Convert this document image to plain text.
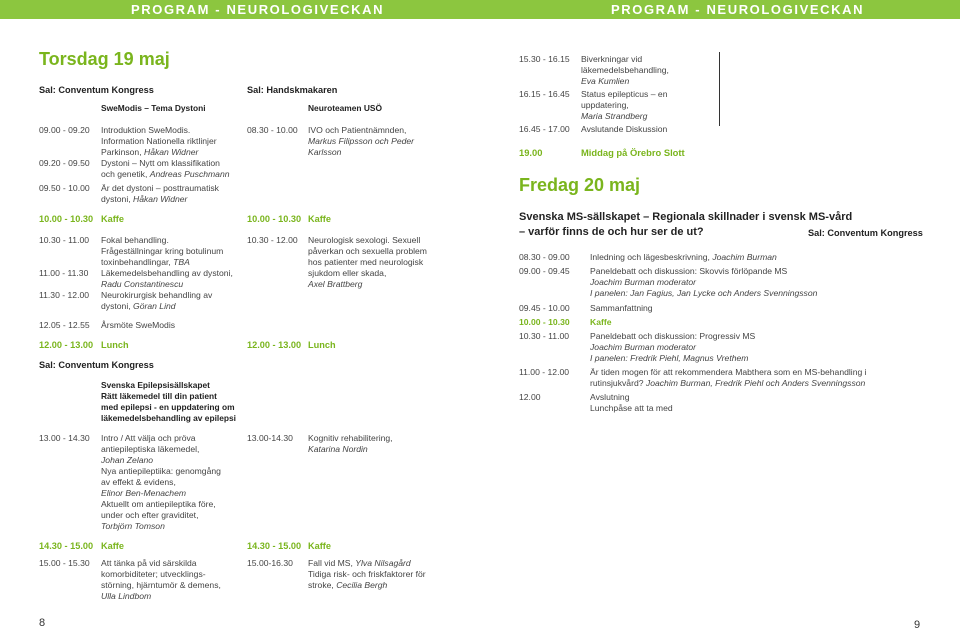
PROGRAM - NEUROLOGIVECKAN	PROGRAM - NEUROLOGIVECKAN
Torsdag 19 maj
Sal: Conventum Kongress
SweModis – Tema Dystoni
09.00 - 09.20 Introduktion SweModis.
Information Nationella riktlinjer
Parkinson, Håkan Widner
09.20 - 09.50 Dystoni – Nytt om klassifikation
och genetik, Andreas Puschmann
09.50 - 10.00 Är det dystoni – posttraumatisk
dystoni, Håkan Widner
10.00 - 10.30 Kaffe
10.30 - 11.00 Fokal behandling.
Frågeställningar kring botulinum
toxinbehandlingar, TBA
11.00 - 11.30 Läkemedelsbehandling av dystoni,
Radu Constantinescu
11.30 - 12.00 Neurokirurgisk behandling av
dystoni, Göran Lind
12.05 - 12.55 Årsmöte SweModis
12.00 - 13.00 Lunch
Sal: Conventum Kongress
Svenska Epilepsisällskapet
Rätt läkemedel till din patient
med epilepsi - en uppdatering om
läkemedelsbehandling av epilepsi
13.00 - 14.30 Intro / Att välja och pröva
antiepileptiska läkemedel,
Johan Zelano
Nya antiepileptiika: genomgång
av effekt & evidens,
Elinor Ben-Menachem
Aktuellt om antiepileptika före,
under och efter graviditet,
Torbjörn Tomson
14.30 - 15.00 Kaffe
15.00 - 15.30 Att tänka på vid särskilda
komorbiditeter; utvecklings-
störning, hjärntumör & demens,
Ulla Lindbom
Sal: Handskmakaren
Neuroteamen USÖ
08.30 - 10.00 IVO och Patientnämnden,
Markus Filipsson och Peder
Karlsson
10.00 - 10.30 Kaffe
10.30 - 12.00 Neurologisk sexologi. Sexuell
påverkan och sexuella problem
hos patienter med neurologisk
sjukdom eller skada,
Axel Brattberg
12.00 - 13.00 Lunch
13.00-14.30 Kognitiv rehabilitering,
Katarina Nordin
14.30 - 15.00 Kaffe
15.00-16.30 Fall vid MS, Ylva Nilsagård
Tidiga risk- och friskfaktorer för
stroke, Cecilia Bergh
15.30 - 16.15 Biverkningar vid
läkemedelsbehandling,
Eva Kumlien
16.15 - 16.45 Status epilepticus – en
uppdatering,
Maria Strandberg
16.45 - 17.00 Avslutande Diskussion
19.00	Middag på Örebro Slott
Fredag 20 maj
Svenska MS-sällskapet – Regionala skillnader i svensk MS-vård
– varför finns de och hur ser de ut?	Sal: Conventum Kongress
08.30 - 09.00 Inledning och lägesbeskrivning, Joachim Burman
09.00 - 09.45 Paneldebatt och diskussion: Skovvis förlöpande MS
Joachim Burman moderator
I panelen: Jan Fagius, Jan Lycke och Anders Svenningsson
09.45 - 10.00 Sammanfattning
10.00 - 10.30 Kaffe
10.30 - 11.00 Paneldebatt och diskussion: Progressiv MS
Joachim Burman moderator
I panelen: Fredrik Piehl, Magnus Vrethem
11.00 - 12.00 Är tiden mogen för att rekommendera Mabthera som en MS-behandling i
rutinsjukvård? Joachim Burman, Fredrik Piehl och Anders Svenningsson
12.00	Avslutning
Lunchpåse att ta med
8	9
